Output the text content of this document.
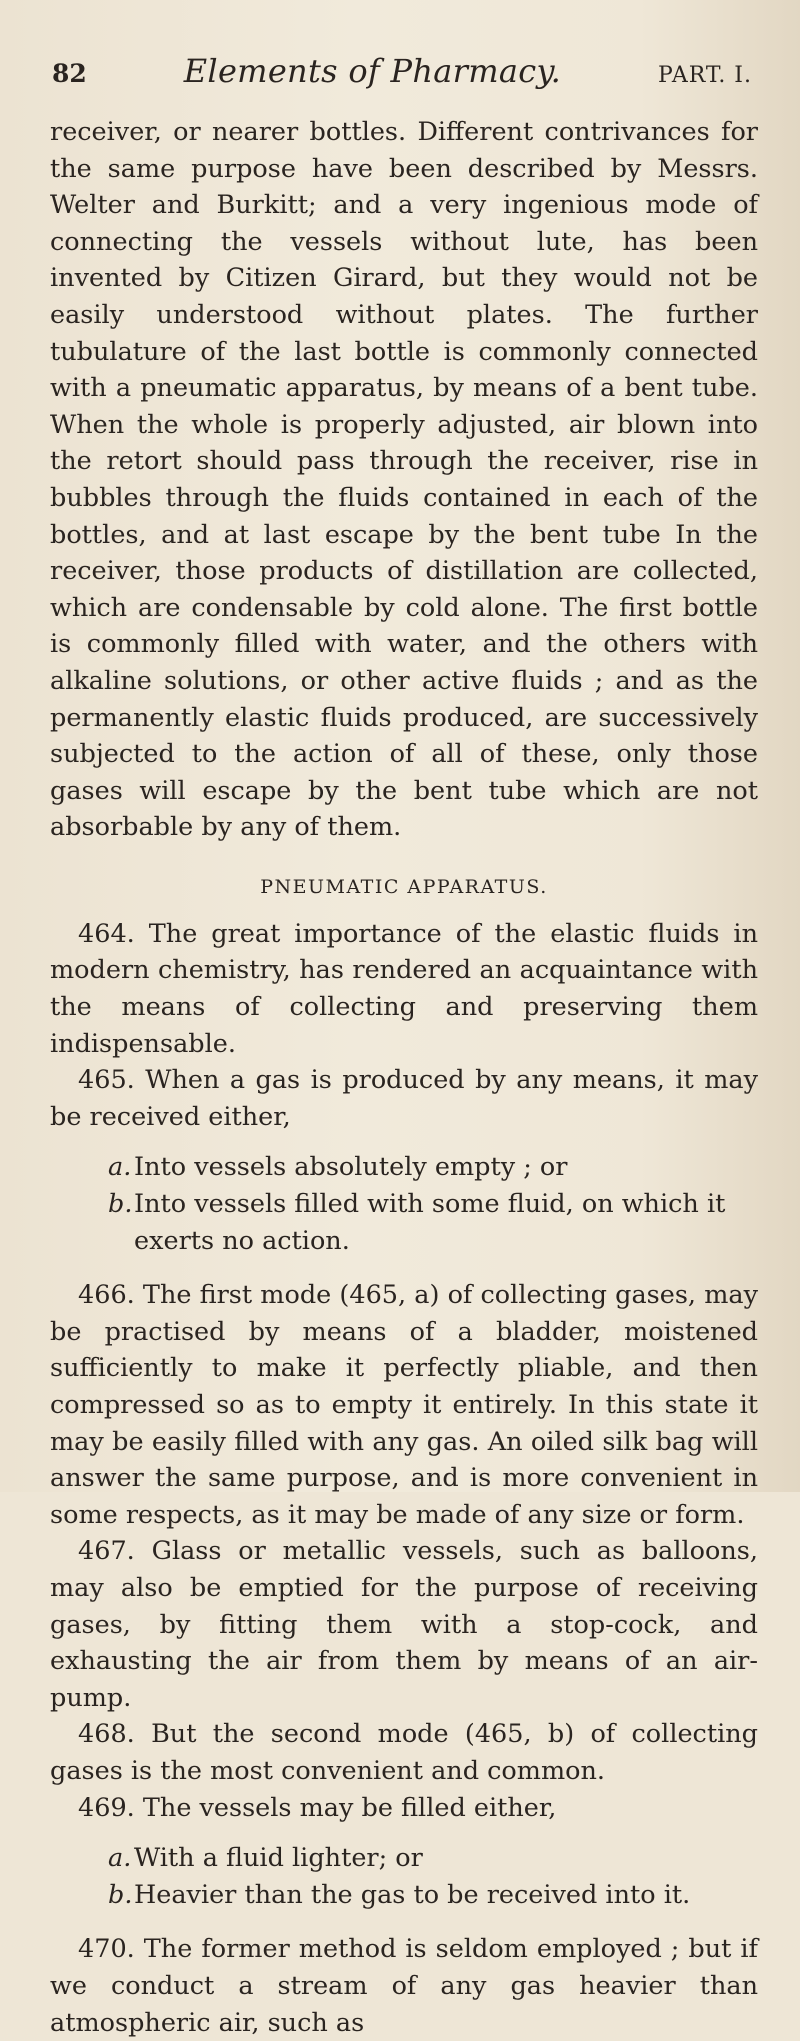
82	Elements of Pharmacy.	PART. I.

receiver, or nearer bottles. Different contrivances for the same purpose have been described by Messrs. Welter and Burkitt; and a very ingenious mode of connecting the vessels without lute, has been invented by Citizen Girard, but they would not be easily understood without plates. The further tubulature of the last bottle is commonly connected with a pneumatic apparatus, by means of a bent tube. When the whole is properly adjusted, air blown into the retort should pass through the receiver, rise in bubbles through the fluids contained in each of the bottles, and at last escape by the bent tube In the receiver, those products of distillation are collected, which are condensable by cold alone. The first bottle is commonly filled with water, and the others with alkaline solutions, or other active fluids ; and as the permanently elastic fluids produced, are successively subjected to the action of all of these, only those gases will escape by the bent tube which are not absorbable by any of them.

PNEUMATIC APPARATUS.

464. The great importance of the elastic fluids in modern chemistry, has rendered an acquaintance with the means of collecting and preserving them indispensable.

465. When a gas is produced by any means, it may be received either,

a. Into vessels absolutely empty ; or
b. Into vessels filled with some fluid, on which it exerts no action.

466. The first mode (465, a) of collecting gases, may be practised by means of a bladder, moistened sufficiently to make it perfectly pliable, and then compressed so as to empty it entirely. In this state it may be easily filled with any gas. An oiled silk bag will answer the same purpose, and is more convenient in some respects, as it may be made of any size or form.

467. Glass or metallic vessels, such as balloons, may also be emptied for the purpose of receiving gases, by fitting them with a stop-cock, and exhausting the air from them by means of an air-pump.

468. But the second mode (465, b) of collecting gases is the most convenient and common.

469. The vessels may be filled either,

a. With a fluid lighter; or
b. Heavier than the gas to be received into it.

470. The former method is seldom employed ; but if we conduct a stream of any gas heavier than atmospheric air, such as
